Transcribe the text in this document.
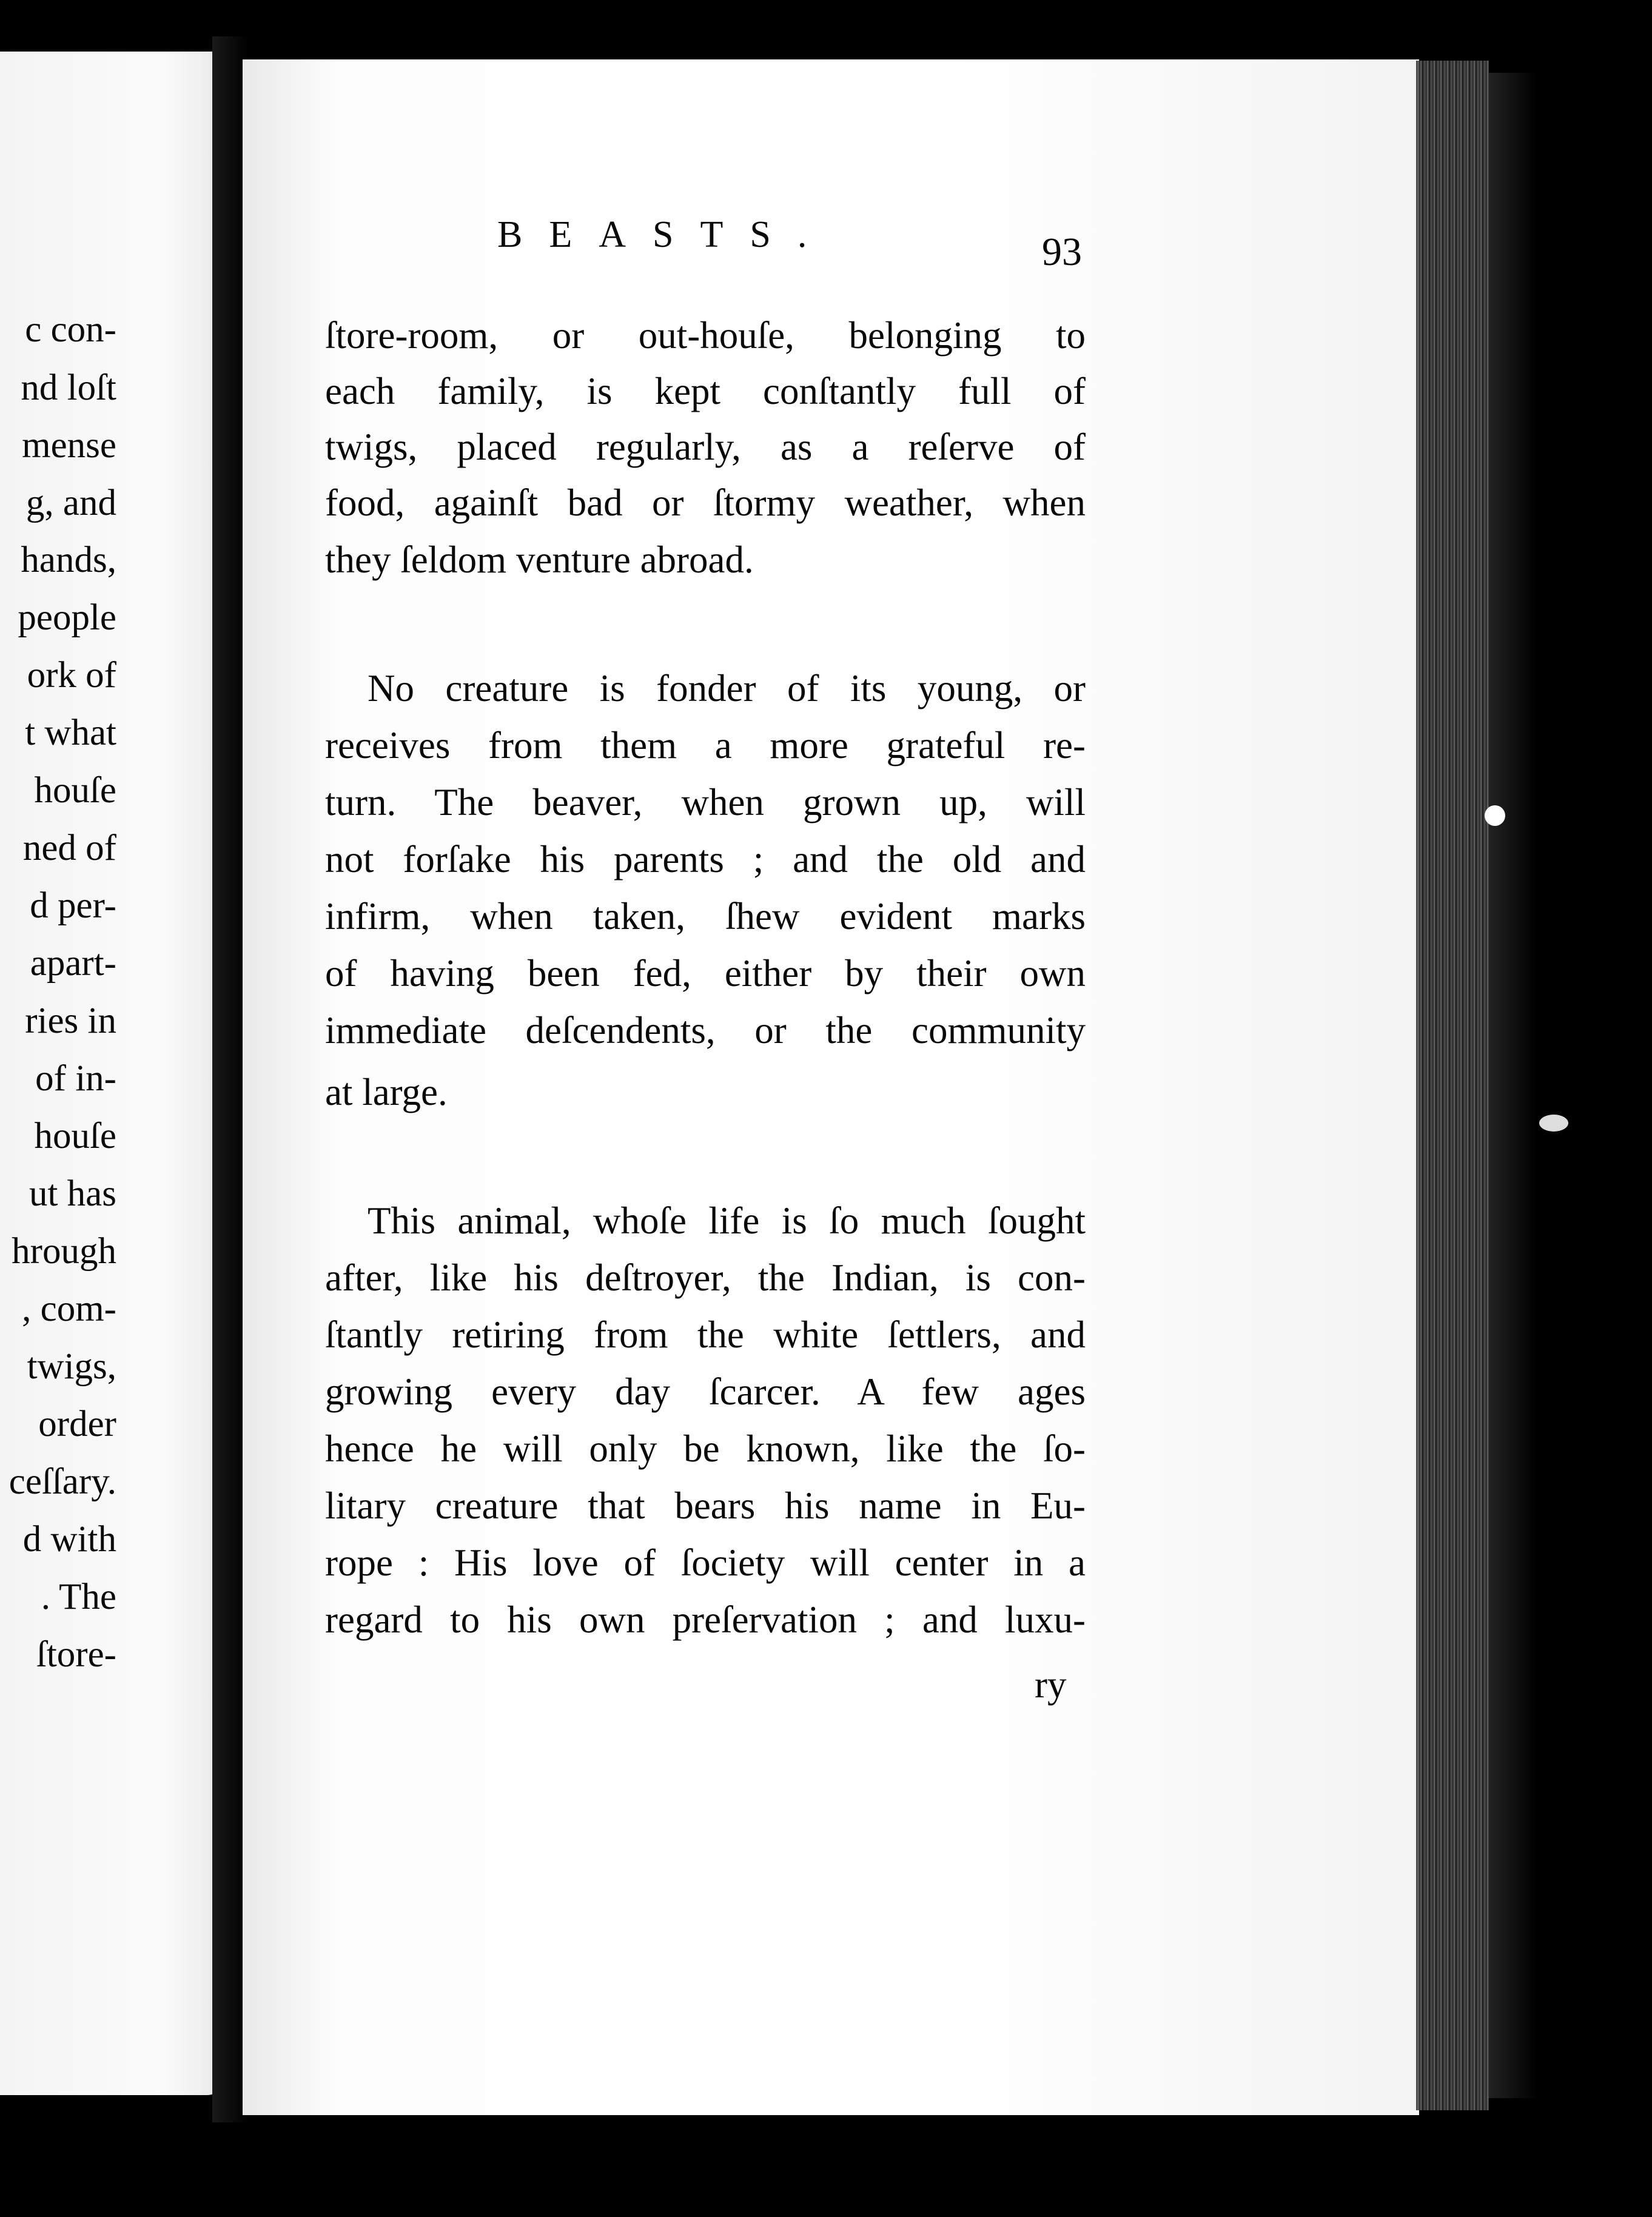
c con-
nd loſt
mense
g, and
hands,
people
ork of
t what
houſe
ned of
d per-
apart-
ries in
of in-
houſe
ut has
hrough
, com-
twigs,
order
ceſſary.
d with
. The
ſtore-
BEASTS.	93
ſtore-room, or out-houſe, belonging to
each family, is kept conſtantly full of
twigs, placed regularly, as a reſerve of
food, againſt bad or ſtormy weather, when
they ſeldom venture abroad.
No creature is fonder of its young, or
receives from them a more grateful re-
turn. The beaver, when grown up, will
not forſake his parents ; and the old and
infirm, when taken, ſhew evident marks
of having been fed, either by their own
immediate deſcendents, or the community
at large.
This animal, whoſe life is ſo much ſought
after, like his deſtroyer, the Indian, is con-
ſtantly retiring from the white ſettlers, and
growing every day ſcarcer. A few ages
hence he will only be known, like the ſo-
litary creature that bears his name in Eu-
rope : His love of ſociety will center in a
regard to his own preſervation ; and luxu-
ry
